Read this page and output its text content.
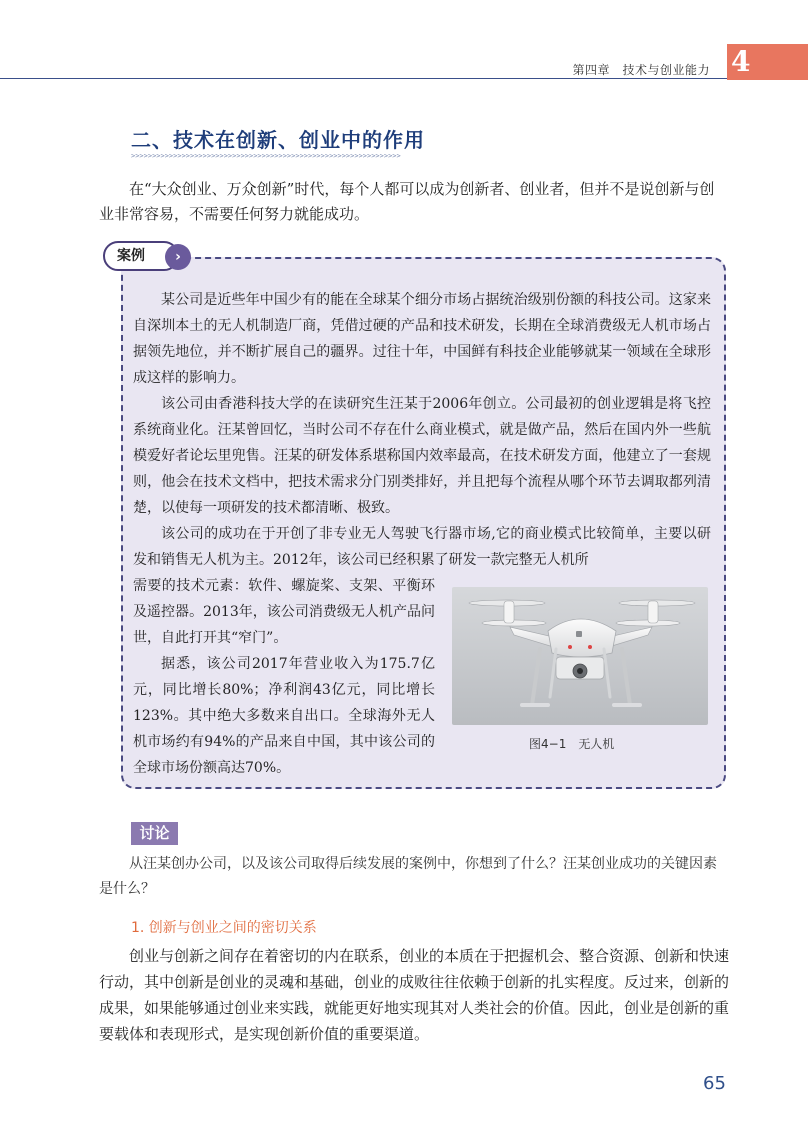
第四章　技术与创业能力 4
二、技术在创新、创业中的作用
>>>>>>>>>>>>>>>>>>>>>>>>>>>>>>>>>>>>>>>>>>>>>>>>>>>>>>>>>>>>>>>>
在“大众创业、万众创新”时代，每个人都可以成为创新者、创业者，但并不是说创新与创业非常容易，不需要任何努力就能成功。
案例	›

某公司是近些年中国少有的能在全球某个细分市场占据统治级别份额的科技公司。这家来自深圳本土的无人机制造厂商，凭借过硬的产品和技术研发，长期在全球消费级无人机市场占据领先地位，并不断扩展自己的疆界。过往十年，中国鲜有科技企业能够就某一领域在全球形成这样的影响力。

该公司由香港科技大学的在读研究生汪某于2006年创立。公司最初的创业逻辑是将飞控系统商业化。汪某曾回忆，当时公司不存在什么商业模式，就是做产品，然后在国内外一些航模爱好者论坛里兜售。汪某的研发体系堪称国内效率最高，在技术研发方面，他建立了一套规则，他会在技术文档中，把技术需求分门别类排好，并且把每个流程从哪个环节去调取都列清楚，以使每一项研发的技术都清晰、极致。

该公司的成功在于开创了非专业无人驾驶飞行器市场,它的商业模式比较简单，主要以研发和销售无人机为主。2012年，该公司已经积累了研发一款完整无人机所

需要的技术元素：软件、螺旋桨、支架、平衡环及遥控器。2013年，该公司消费级无人机产品问世，自此打开其“窄门”。

据悉，该公司2017年营业收入为175.7亿元，同比增长80%；净利润43亿元，同比增长123%。其中绝大多数来自出口。全球海外无人机市场约有94%的产品来自中国，其中该公司的全球市场份额高达70%。

图4−1　无人机
讨论
从汪某创办公司，以及该公司取得后续发展的案例中，你想到了什么？汪某创业成功的关键因素是什么？
1. 创新与创业之间的密切关系
创业与创新之间存在着密切的内在联系，创业的本质在于把握机会、整合资源、创新和快速行动，其中创新是创业的灵魂和基础，创业的成败往往依赖于创新的扎实程度。反过来，创新的成果，如果能够通过创业来实践，就能更好地实现其对人类社会的价值。因此，创业是创新的重要载体和表现形式，是实现创新价值的重要渠道。
65
